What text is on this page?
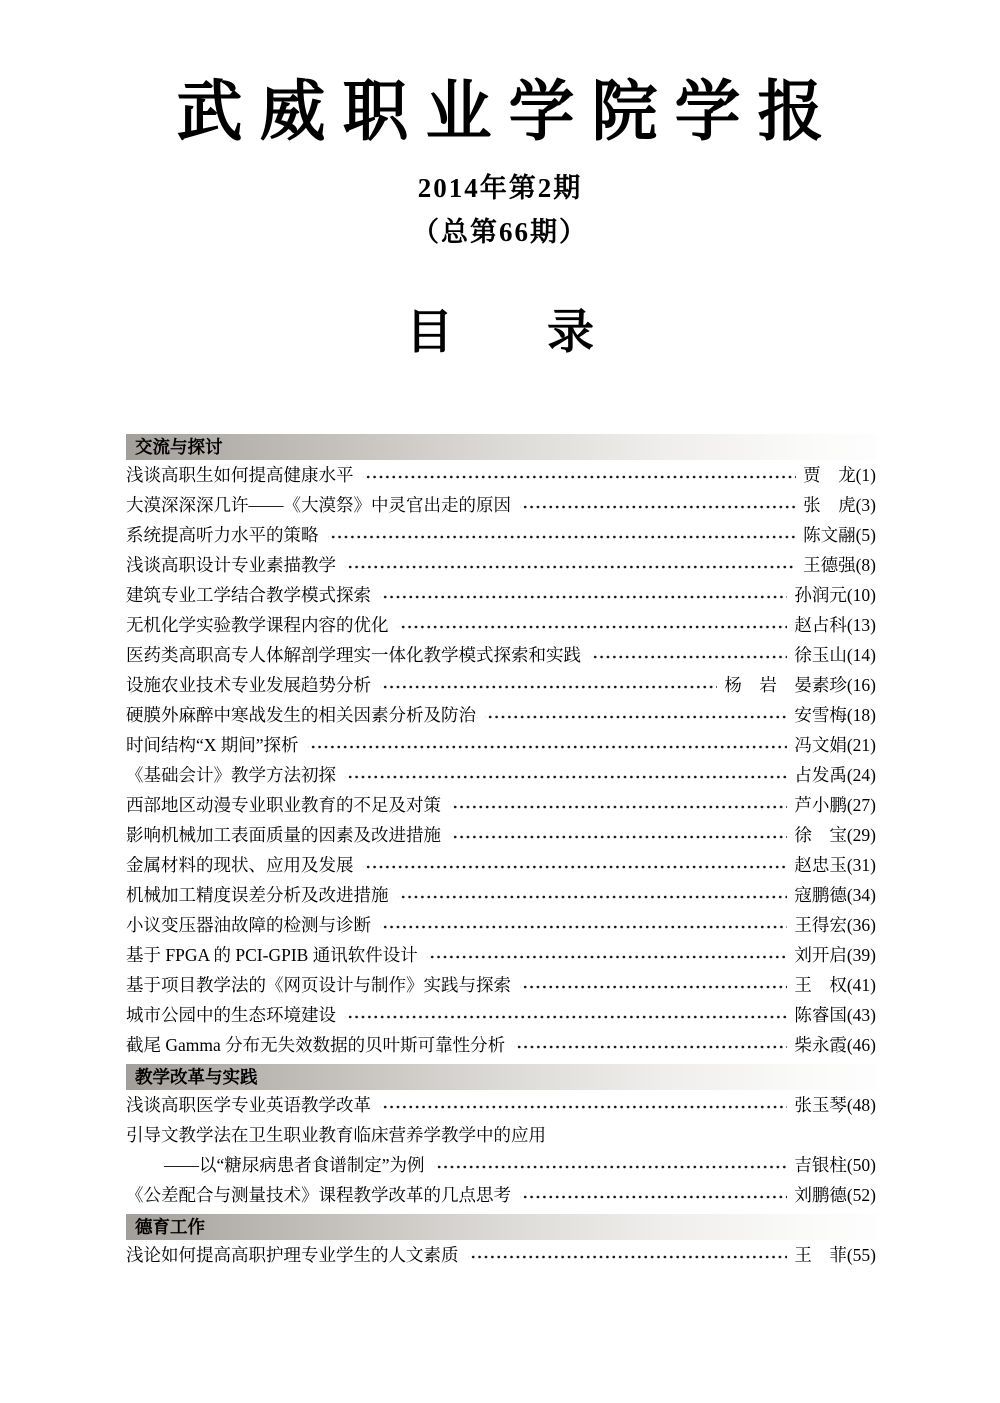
武威职业学院学报
2014年第2期
（总第66期）
目　　录
交流与探讨
浅谈高职生如何提高健康水平	贾　龙 (1)
大漠深深深几许——《大漠祭》中灵官出走的原因	张　虎 (3)
系统提高听力水平的策略	陈文翮 (5)
浅谈高职设计专业素描教学	王德强 (8)
建筑专业工学结合教学模式探索	孙润元 (10)
无机化学实验教学课程内容的优化	赵占科 (13)
医药类高职高专人体解剖学理实一体化教学模式探索和实践	徐玉山 (14)
设施农业技术专业发展趋势分析	杨　岩　晏素珍 (16)
硬膜外麻醉中寒战发生的相关因素分析及防治	安雪梅 (18)
时间结构“X 期间”探析	冯文娟 (21)
《基础会计》教学方法初探	占发禹 (24)
西部地区动漫专业职业教育的不足及对策	芦小鹏 (27)
影响机械加工表面质量的因素及改进措施	徐　宝 (29)
金属材料的现状、应用及发展	赵忠玉 (31)
机械加工精度误差分析及改进措施	寇鹏德 (34)
小议变压器油故障的检测与诊断	王得宏 (36)
基于 FPGA 的 PCI-GPIB 通讯软件设计	刘开启 (39)
基于项目教学法的《网页设计与制作》实践与探索	王　权 (41)
城市公园中的生态环境建设	陈睿国 (43)
截尾 Gamma 分布无失效数据的贝叶斯可靠性分析	柴永霞 (46)
教学改革与实践
浅谈高职医学专业英语教学改革	张玉琴 (48)
引导文教学法在卫生职业教育临床营养学教学中的应用
——以“糖尿病患者食谱制定”为例	吉银柱 (50)
《公差配合与测量技术》课程教学改革的几点思考	刘鹏德 (52)
德育工作
浅论如何提高高职护理专业学生的人文素质	王　菲 (55)
